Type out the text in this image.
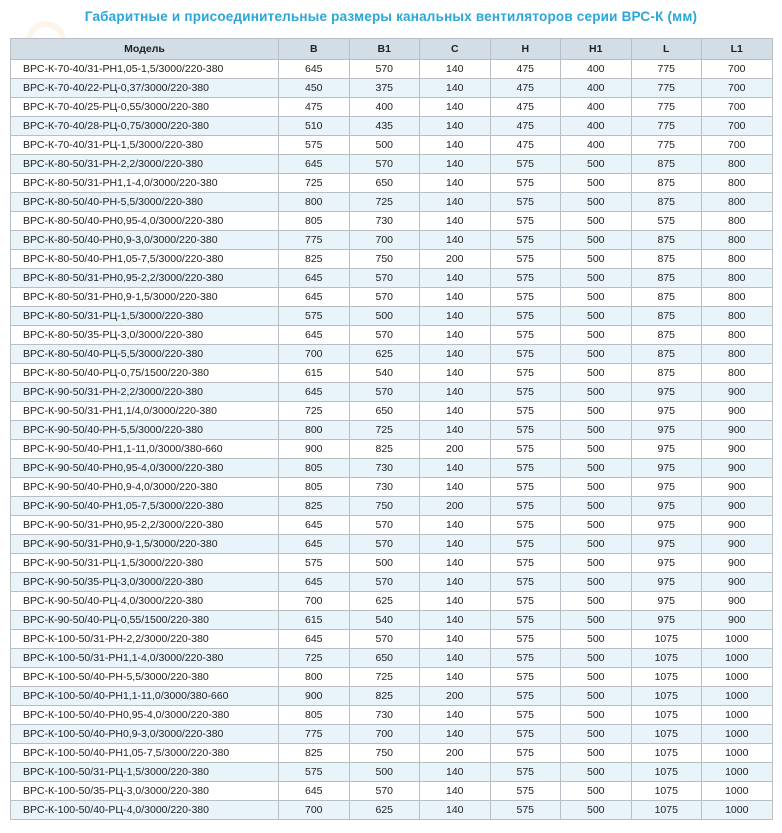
Габаритные и присоединительные размеры канальных вентиляторов серии ВРС-К (мм)
Модель	B	B1	C	H	H1	L	L1
ВРС-К-70-40/31-РН1,05-1,5/3000/220-380	645	570	140	475	400	775	700
ВРС-К-70-40/22-РЦ-0,37/3000/220-380	450	375	140	475	400	775	700
ВРС-К-70-40/25-РЦ-0,55/3000/220-380	475	400	140	475	400	775	700
ВРС-К-70-40/28-РЦ-0,75/3000/220-380	510	435	140	475	400	775	700
ВРС-К-70-40/31-РЦ-1,5/3000/220-380	575	500	140	475	400	775	700
ВРС-К-80-50/31-РН-2,2/3000/220-380	645	570	140	575	500	875	800
ВРС-К-80-50/31-РН1,1-4,0/3000/220-380	725	650	140	575	500	875	800
ВРС-К-80-50/40-РН-5,5/3000/220-380	800	725	140	575	500	875	800
ВРС-К-80-50/40-РН0,95-4,0/3000/220-380	805	730	140	575	500	575	800
ВРС-К-80-50/40-РН0,9-3,0/3000/220-380	775	700	140	575	500	875	800
ВРС-К-80-50/40-РН1,05-7,5/3000/220-380	825	750	200	575	500	875	800
ВРС-К-80-50/31-РН0,95-2,2/3000/220-380	645	570	140	575	500	875	800
ВРС-К-80-50/31-РН0,9-1,5/3000/220-380	645	570	140	575	500	875	800
ВРС-К-80-50/31-РЦ-1,5/3000/220-380	575	500	140	575	500	875	800
ВРС-К-80-50/35-РЦ-3,0/3000/220-380	645	570	140	575	500	875	800
ВРС-К-80-50/40-РЦ-5,5/3000/220-380	700	625	140	575	500	875	800
ВРС-К-80-50/40-РЦ-0,75/1500/220-380	615	540	140	575	500	875	800
ВРС-К-90-50/31-РН-2,2/3000/220-380	645	570	140	575	500	975	900
ВРС-К-90-50/31-РН1,1/4,0/3000/220-380	725	650	140	575	500	975	900
ВРС-К-90-50/40-РН-5,5/3000/220-380	800	725	140	575	500	975	900
ВРС-К-90-50/40-РН1,1-11,0/3000/380-660	900	825	200	575	500	975	900
ВРС-К-90-50/40-РН0,95-4,0/3000/220-380	805	730	140	575	500	975	900
ВРС-К-90-50/40-РН0,9-4,0/3000/220-380	805	730	140	575	500	975	900
ВРС-К-90-50/40-РН1,05-7,5/3000/220-380	825	750	200	575	500	975	900
ВРС-К-90-50/31-РН0,95-2,2/3000/220-380	645	570	140	575	500	975	900
ВРС-К-90-50/31-РН0,9-1,5/3000/220-380	645	570	140	575	500	975	900
ВРС-К-90-50/31-РЦ-1,5/3000/220-380	575	500	140	575	500	975	900
ВРС-К-90-50/35-РЦ-3,0/3000/220-380	645	570	140	575	500	975	900
ВРС-К-90-50/40-РЦ-4,0/3000/220-380	700	625	140	575	500	975	900
ВРС-К-90-50/40-РЦ-0,55/1500/220-380	615	540	140	575	500	975	900
ВРС-К-100-50/31-РН-2,2/3000/220-380	645	570	140	575	500	1075	1000
ВРС-К-100-50/31-РН1,1-4,0/3000/220-380	725	650	140	575	500	1075	1000
ВРС-К-100-50/40-РН-5,5/3000/220-380	800	725	140	575	500	1075	1000
ВРС-К-100-50/40-РН1,1-11,0/3000/380-660	900	825	200	575	500	1075	1000
ВРС-К-100-50/40-РН0,95-4,0/3000/220-380	805	730	140	575	500	1075	1000
ВРС-К-100-50/40-РН0,9-3,0/3000/220-380	775	700	140	575	500	1075	1000
ВРС-К-100-50/40-РН1,05-7,5/3000/220-380	825	750	200	575	500	1075	1000
ВРС-К-100-50/31-РЦ-1,5/3000/220-380	575	500	140	575	500	1075	1000
ВРС-К-100-50/35-РЦ-3,0/3000/220-380	645	570	140	575	500	1075	1000
ВРС-К-100-50/40-РЦ-4,0/3000/220-380	700	625	140	575	500	1075	1000
